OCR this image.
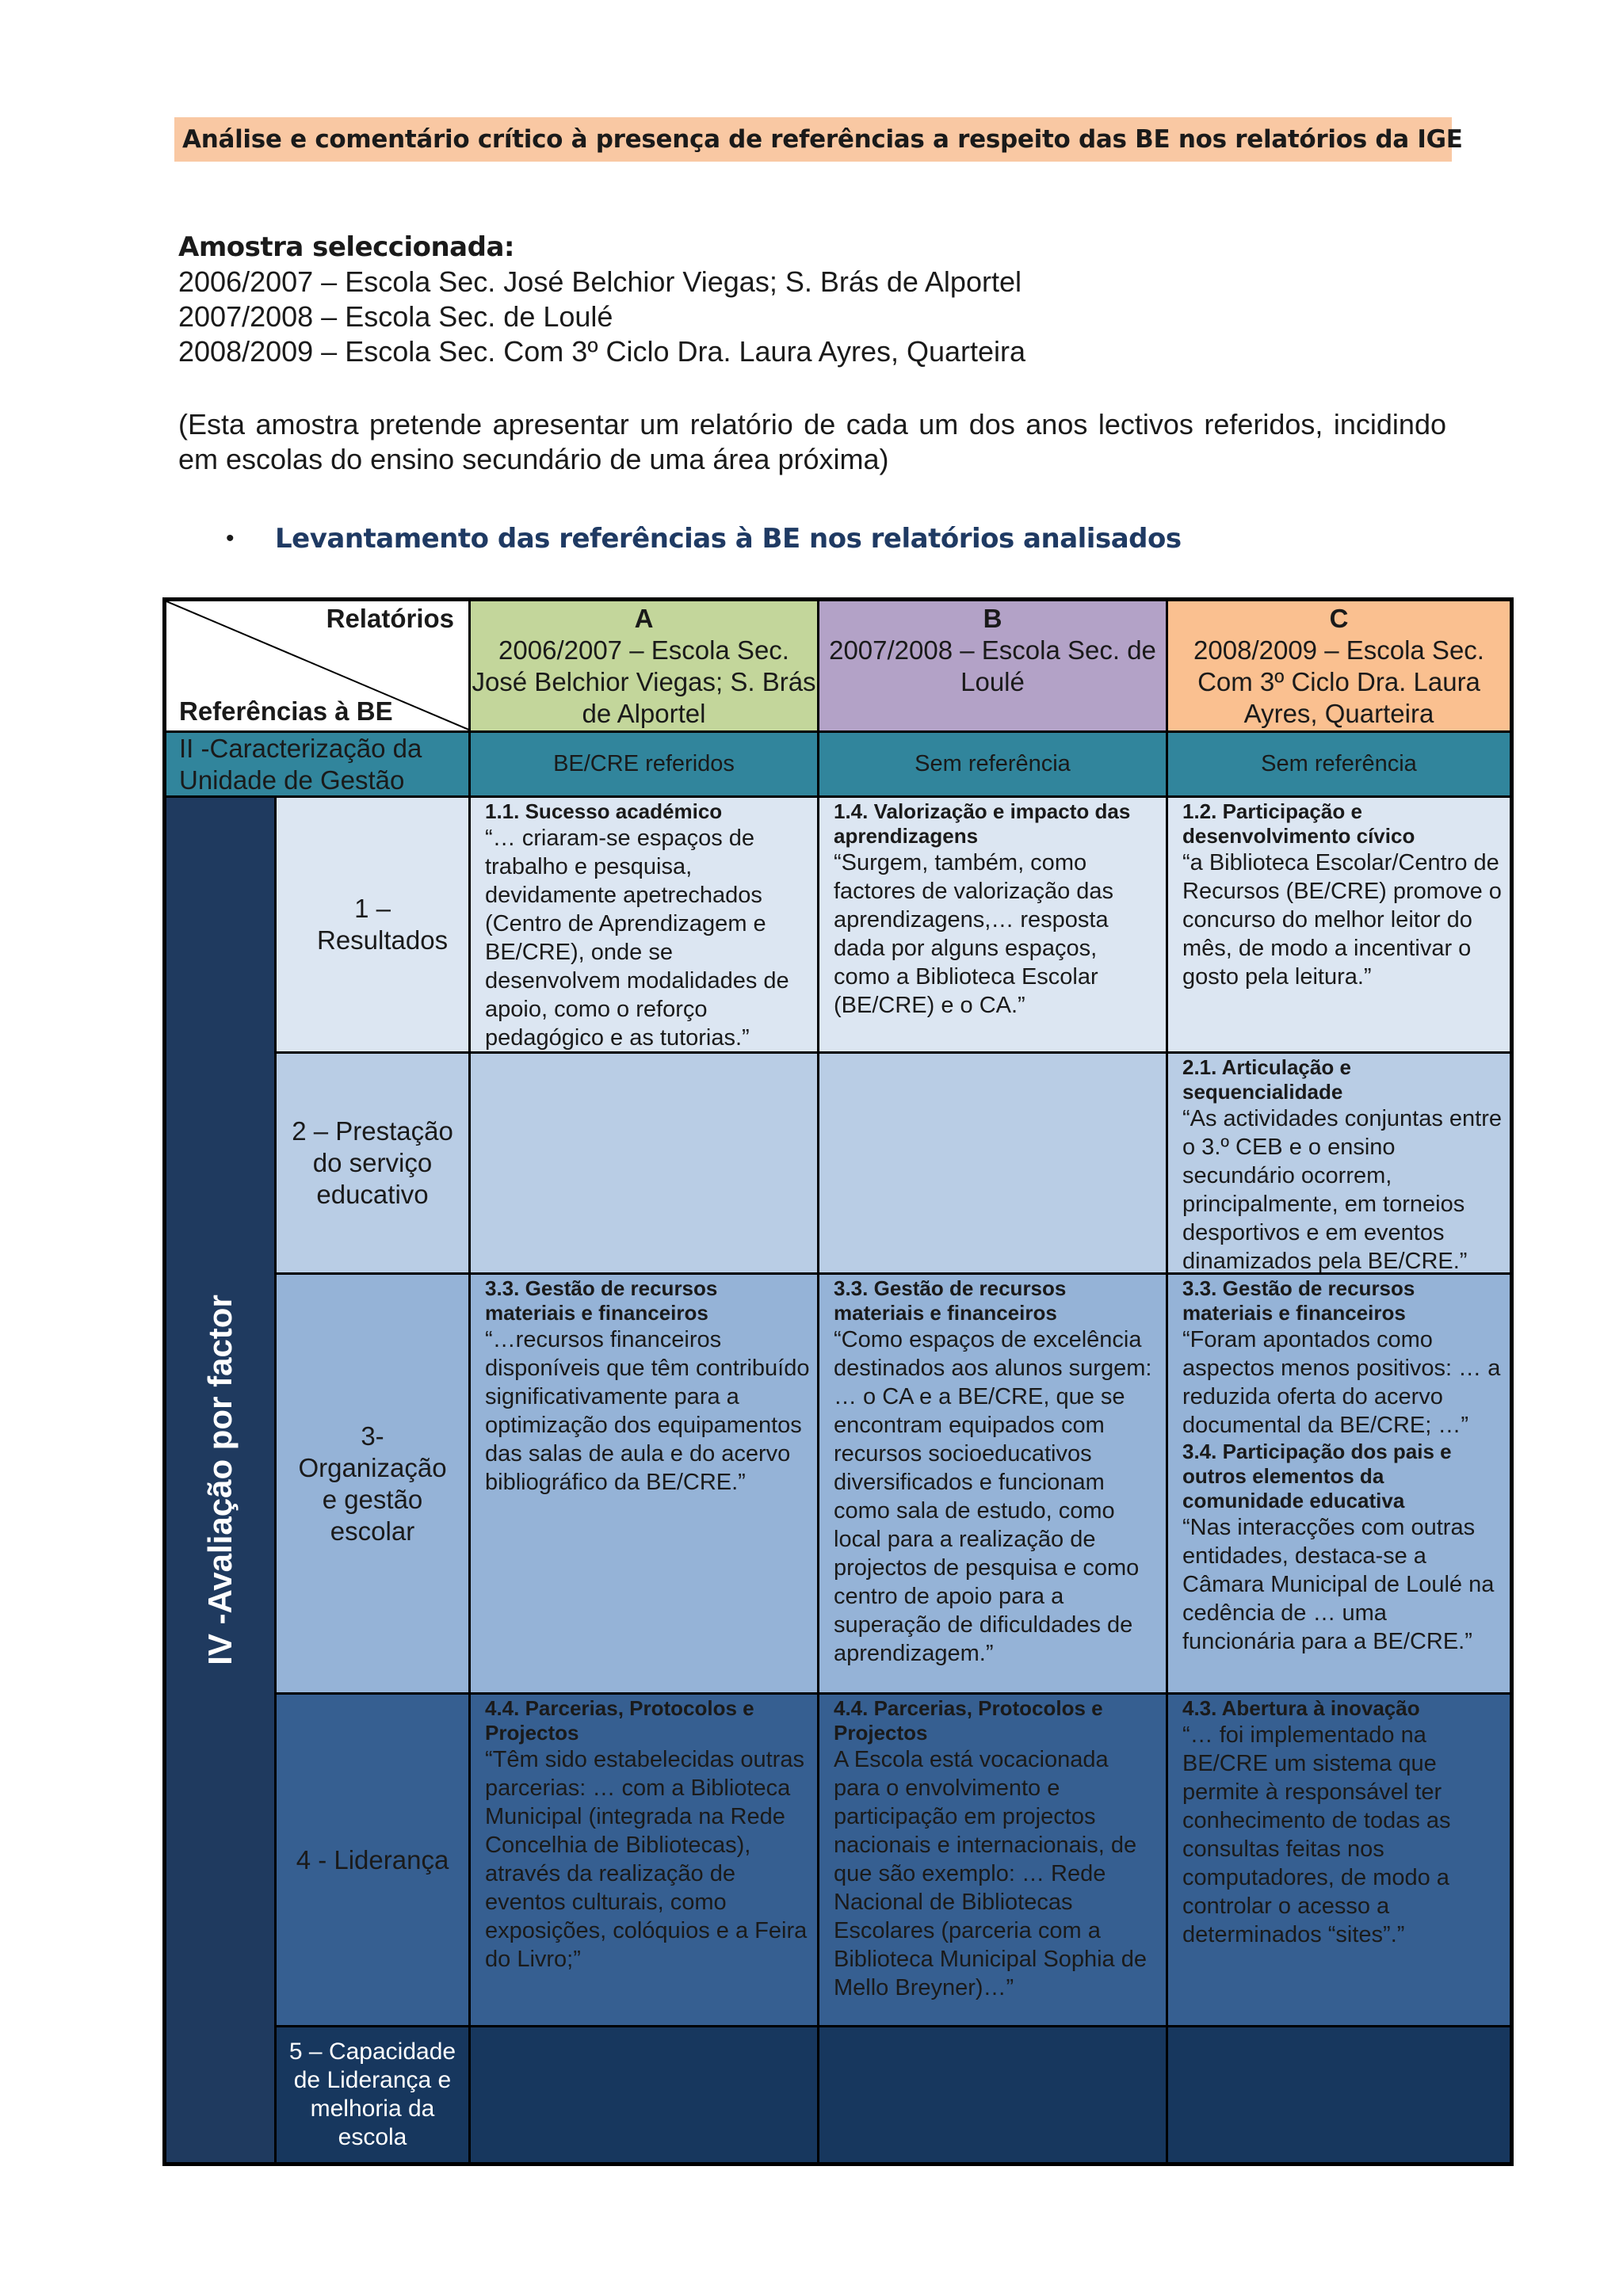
Análise e comentário crítico à presença de referências a respeito das BE nos relatórios da IGE
Amostra seleccionada:
2006/2007 – Escola Sec. José Belchior Viegas; S. Brás de Alportel
2007/2008 – Escola Sec. de Loulé
2008/2009 – Escola Sec. Com 3º Ciclo Dra. Laura Ayres, Quarteira
(Esta amostra pretende apresentar um relatório de cada um dos anos lectivos referidos, incidindo em escolas do ensino secundário de uma área próxima)
• Levantamento das referências à BE nos relatórios analisados
Relatórios
Referências à BE
A
2006/2007 – Escola Sec. José Belchior Viegas; S. Brás de Alportel
B
2007/2008 – Escola Sec. de Loulé
C
2008/2009 – Escola Sec. Com 3º Ciclo Dra. Laura Ayres, Quarteira
II -Caracterização da Unidade de Gestão
BE/CRE referidos	Sem referência	Sem referência
IV -Avaliação por factor
1 – Resultados
1.1. Sucesso académico
“… criaram-se espaços de trabalho e pesquisa, devidamente apetrechados (Centro de Aprendizagem e BE/CRE), onde se desenvolvem modalidades de apoio, como o reforço pedagógico e as tutorias.”
1.4. Valorização e impacto das aprendizagens
“Surgem, também, como factores de valorização das aprendizagens,… resposta dada por alguns espaços, como a Biblioteca Escolar (BE/CRE) e o CA.”
1.2. Participação e desenvolvimento cívico
“a Biblioteca Escolar/Centro de Recursos (BE/CRE) promove o concurso do melhor leitor do mês, de modo a incentivar o gosto pela leitura.”
2 – Prestação do serviço educativo
2.1. Articulação e sequencialidade
“As actividades conjuntas entre o 3.º CEB e o ensino secundário ocorrem, principalmente, em torneios desportivos e em eventos dinamizados pela BE/CRE.”
3- Organização e gestão escolar
3.3. Gestão de recursos materiais e financeiros
“…recursos financeiros disponíveis que têm contribuído significativamente para a optimização dos equipamentos das salas de aula e do acervo bibliográfico da BE/CRE.”
3.3. Gestão de recursos materiais e financeiros
“Como espaços de excelência destinados aos alunos surgem: … o CA e a BE/CRE, que se encontram equipados com recursos socioeducativos diversificados e funcionam como sala de estudo, como local para a realização de projectos de pesquisa e como centro de apoio para a superação de dificuldades de aprendizagem.”
3.3. Gestão de recursos materiais e financeiros
“Foram apontados como aspectos menos positivos: … a reduzida oferta do acervo documental da BE/CRE; …”
3.4. Participação dos pais e outros elementos da comunidade educativa
“Nas interacções com outras entidades, destaca-se a Câmara Municipal de Loulé na cedência de … uma funcionária para a BE/CRE.”
4 - Liderança
4.4. Parcerias, Protocolos e Projectos
“Têm sido estabelecidas outras parcerias: … com a Biblioteca Municipal (integrada na Rede Concelhia de Bibliotecas), através da realização de eventos culturais, como exposições, colóquios e a Feira do Livro;”
4.4. Parcerias, Protocolos e Projectos
A Escola está vocacionada para o envolvimento e participação em projectos nacionais e internacionais, de que são exemplo: … Rede Nacional de Bibliotecas Escolares (parceria com a Biblioteca Municipal Sophia de Mello Breyner)…”
4.3. Abertura à inovação
“… foi implementado na BE/CRE um sistema que permite à responsável ter conhecimento de todas as consultas feitas nos computadores, de modo a controlar o acesso a determinados “sites”.”
5 – Capacidade de Liderança e melhoria da escola
